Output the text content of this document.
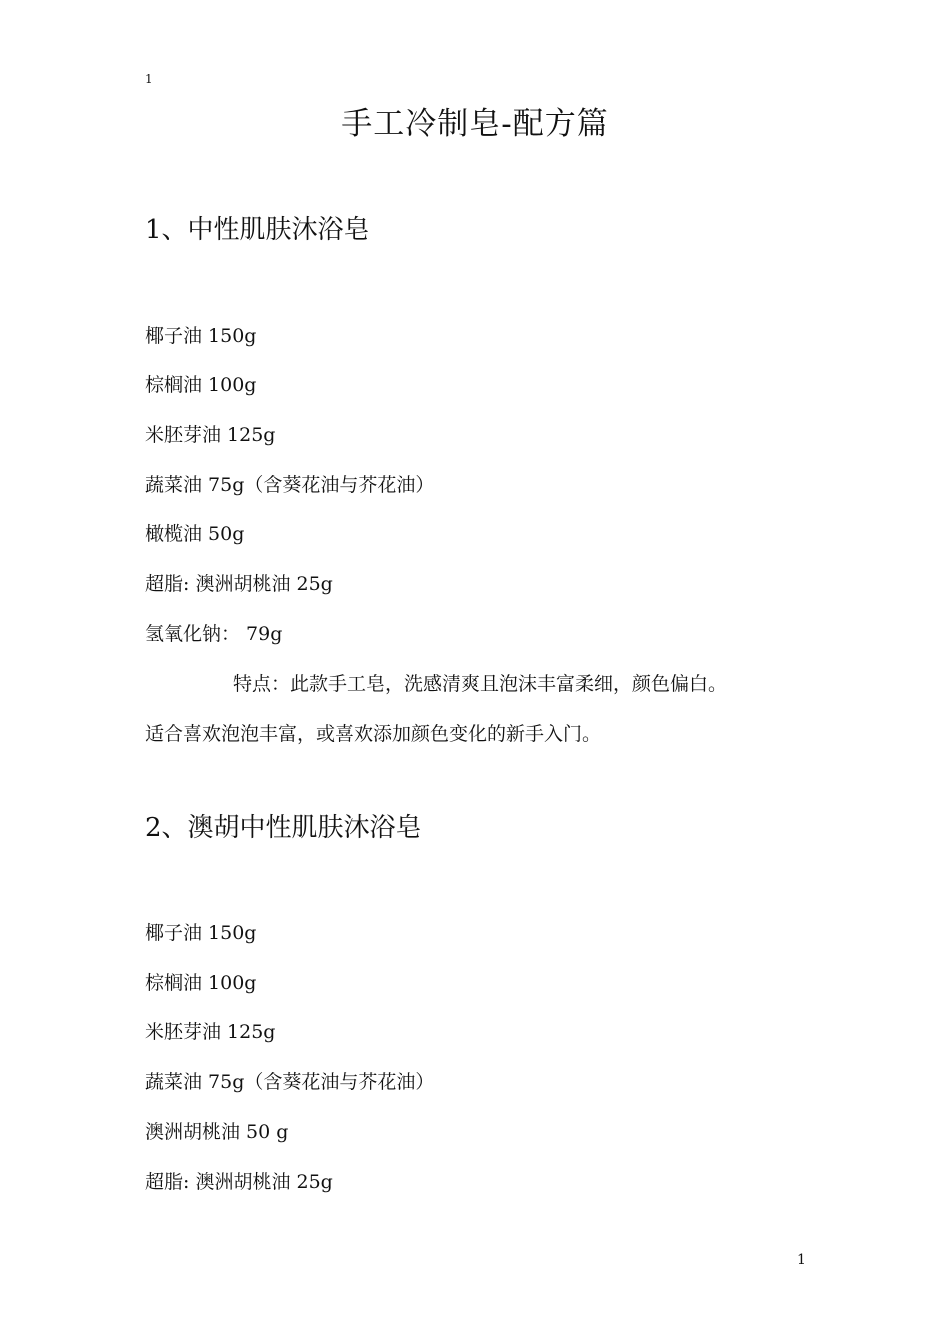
1
手工冷制皂-配方篇
1、中性肌肤沐浴皂
椰子油 150g
棕榈油 100g
米胚芽油 125g
蔬菜油 75g（含葵花油与芥花油）
橄榄油 50g
超脂: 澳洲胡桃油 25g
氢氧化钠： 79g
特点：此款手工皂，洗感清爽且泡沫丰富柔细，颜色偏白。
适合喜欢泡泡丰富，或喜欢添加颜色变化的新手入门。
2、澳胡中性肌肤沐浴皂
椰子油 150g
棕榈油 100g
米胚芽油 125g
蔬菜油 75g（含葵花油与芥花油）
澳洲胡桃油 50 g
超脂: 澳洲胡桃油 25g
1
